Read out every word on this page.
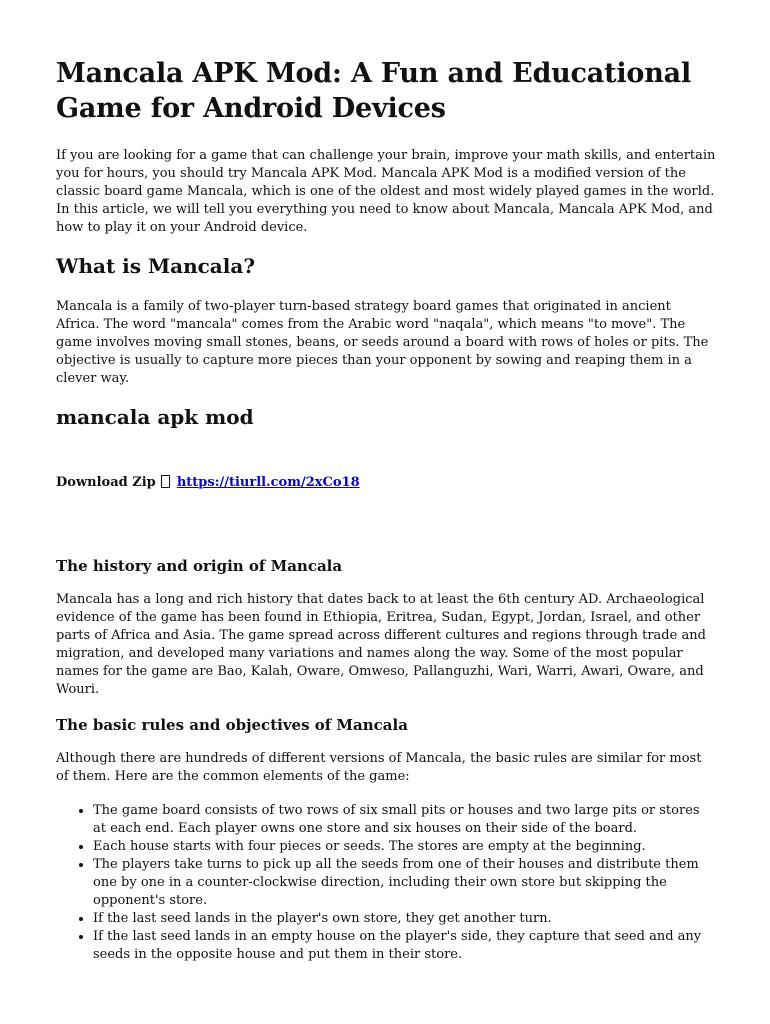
Mancala APK Mod: A Fun and Educational Game for Android Devices

If you are looking for a game that can challenge your brain, improve your math skills, and entertain you for hours, you should try Mancala APK Mod. Mancala APK Mod is a modified version of the classic board game Mancala, which is one of the oldest and most widely played games in the world. In this article, we will tell you everything you need to know about Mancala, Mancala APK Mod, and how to play it on your Android device.

What is Mancala?

Mancala is a family of two-player turn-based strategy board games that originated in ancient Africa. The word "mancala" comes from the Arabic word "naqala", which means "to move". The game involves moving small stones, beans, or seeds around a board with rows of holes or pits. The objective is usually to capture more pieces than your opponent by sowing and reaping them in a clever way.

mancala apk mod
Download Zip https://tiurll.com/2xCo18
The history and origin of Mancala

Mancala has a long and rich history that dates back to at least the 6th century AD. Archaeological evidence of the game has been found in Ethiopia, Eritrea, Sudan, Egypt, Jordan, Israel, and other parts of Africa and Asia. The game spread across different cultures and regions through trade and migration, and developed many variations and names along the way. Some of the most popular names for the game are Bao, Kalah, Oware, Omweso, Pallanguzhi, Wari, Warri, Awari, Oware, and Wouri.

The basic rules and objectives of Mancala

Although there are hundreds of different versions of Mancala, the basic rules are similar for most of them. Here are the common elements of the game:

• The game board consists of two rows of six small pits or houses and two large pits or stores at each end. Each player owns one store and six houses on their side of the board.
• Each house starts with four pieces or seeds. The stores are empty at the beginning.
• The players take turns to pick up all the seeds from one of their houses and distribute them one by one in a counter-clockwise direction, including their own store but skipping the opponent's store.
• If the last seed lands in the player's own store, they get another turn.
• If the last seed lands in an empty house on the player's side, they capture that seed and any seeds in the opposite house and put them in their store.
